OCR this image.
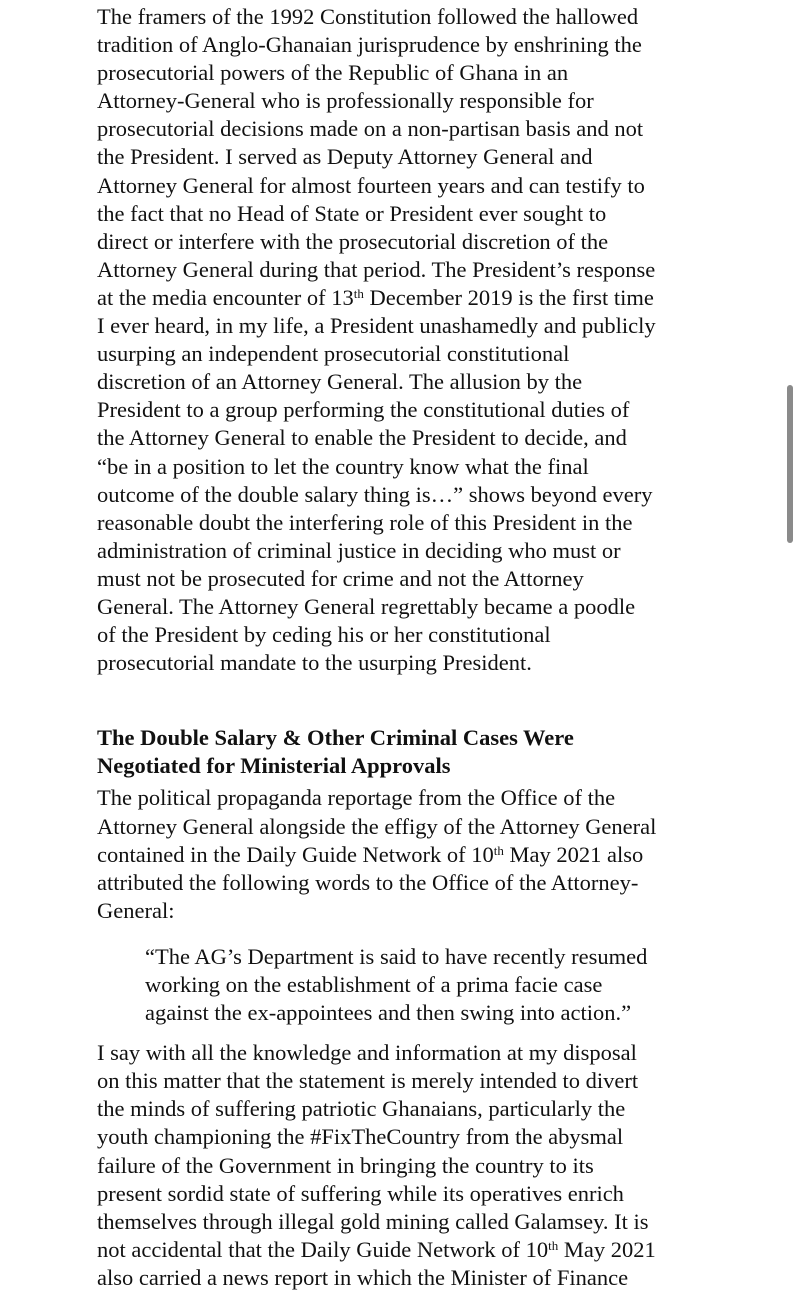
The framers of the 1992 Constitution followed the hallowed
tradition of Anglo-Ghanaian jurisprudence by enshrining the
prosecutorial powers of the Republic of Ghana in an
Attorney-General who is professionally responsible for
prosecutorial decisions made on a non-partisan basis and not
the President. I served as Deputy Attorney General and
Attorney General for almost fourteen years and can testify to
the fact that no Head of State or President ever sought to
direct or interfere with the prosecutorial discretion of the
Attorney General during that period. The President’s response
at the media encounter of 13th December 2019 is the first time
I ever heard, in my life, a President unashamedly and publicly
usurping an independent prosecutorial constitutional
discretion of an Attorney General. The allusion by the
President to a group performing the constitutional duties of
the Attorney General to enable the President to decide, and
“be in a position to let the country know what the final
outcome of the double salary thing is…” shows beyond every
reasonable doubt the interfering role of this President in the
administration of criminal justice in deciding who must or
must not be prosecuted for crime and not the Attorney
General. The Attorney General regrettably became a poodle
of the President by ceding his or her constitutional
prosecutorial mandate to the usurping President.
The Double Salary & Other Criminal Cases Were
Negotiated for Ministerial Approvals
The political propaganda reportage from the Office of the
Attorney General alongside the effigy of the Attorney General
contained in the Daily Guide Network of 10th May 2021 also
attributed the following words to the Office of the Attorney-
General:
“The AG’s Department is said to have recently resumed
working on the establishment of a prima facie case
against the ex-appointees and then swing into action.”
I say with all the knowledge and information at my disposal
on this matter that the statement is merely intended to divert
the minds of suffering patriotic Ghanaians, particularly the
youth championing the #FixTheCountry from the abysmal
failure of the Government in bringing the country to its
present sordid state of suffering while its operatives enrich
themselves through illegal gold mining called Galamsey. It is
not accidental that the Daily Guide Network of 10th May 2021
also carried a news report in which the Minister of Finance
